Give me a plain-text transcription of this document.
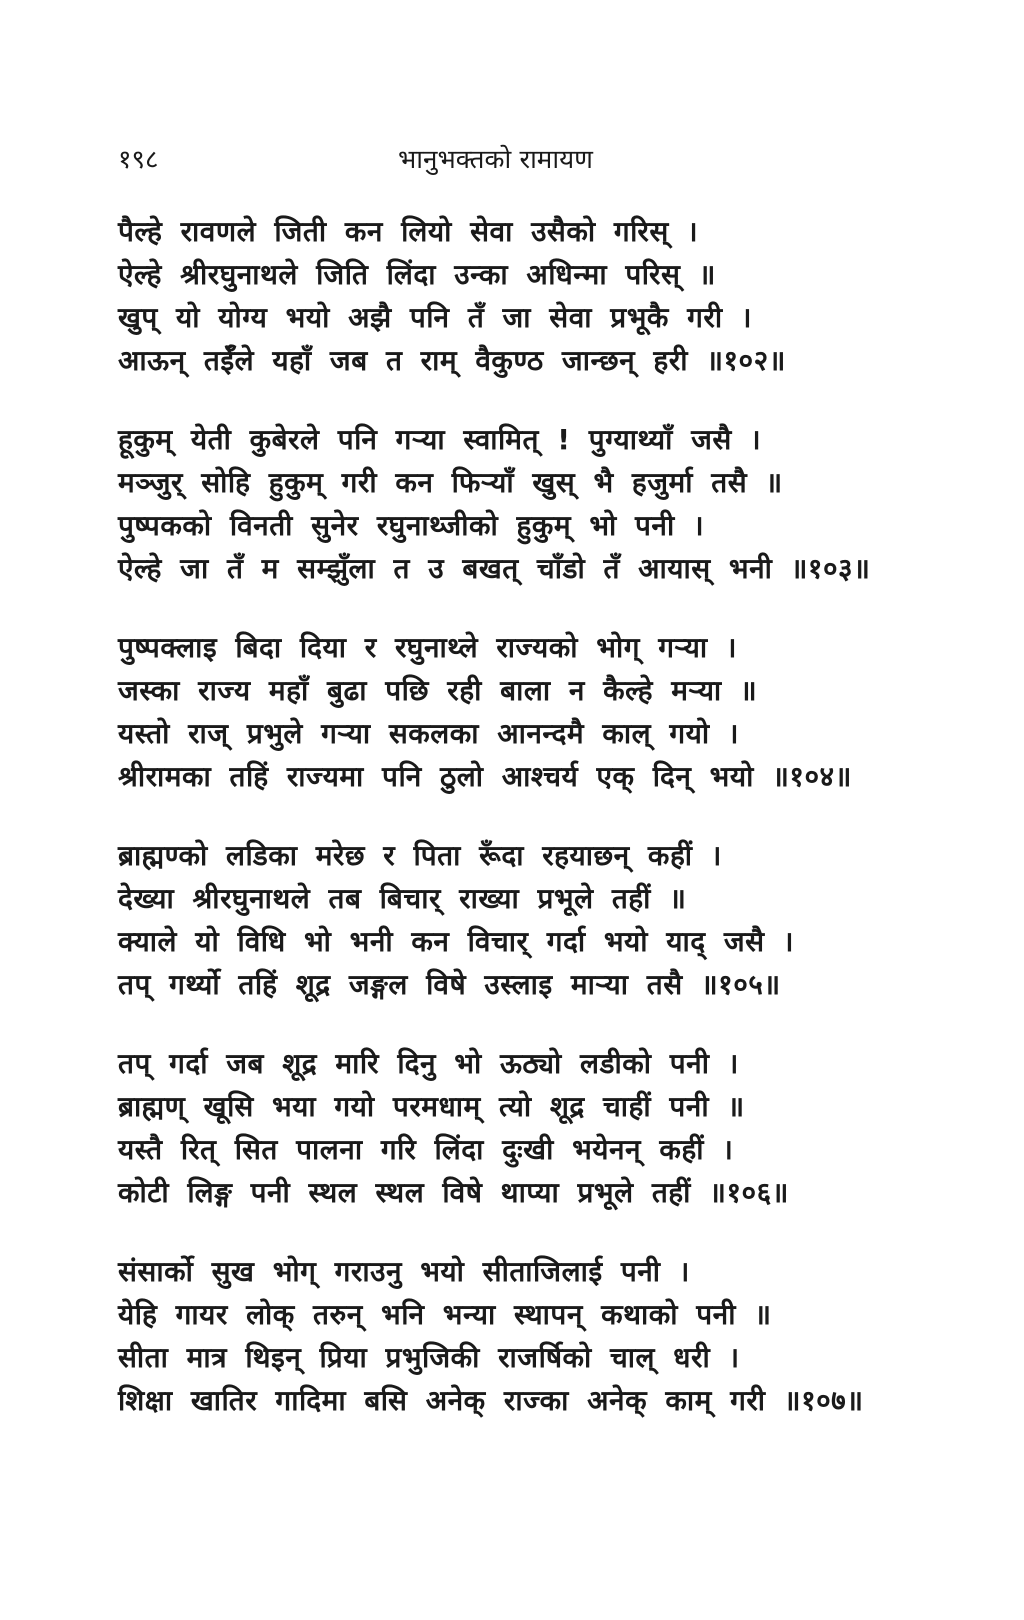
१९८	भानुभक्तको रामायण
पैल्हे रावणले जिती कन लियो सेवा उसैको गरिस् ।
ऐल्हे श्रीरघुनाथले जिति लिंदा उन्का अधिन्मा परिस् ॥
खुप् यो योग्य भयो अझै पनि तँ जा सेवा प्रभूकै गरी ।
आऊन् तईँले यहाँ जब त राम् वैकुण्ठ जान्छन् हरी ॥१०२॥
हूकुम् येती कुबेरले पनि गऱ्या स्वामित् ! पुग्याथ्याँ जसै ।
मञ्जुर् सोहि हुकुम् गरी कन फिऱ्याँ खुस् भै हजुर्मा तसै ॥
पुष्पकको विनती सुनेर रघुनाथ्जीको हुकुम् भो पनी ।
ऐल्हे जा तँ म सम्झुँला त उ बखत् चाँडो तँ आयास् भनी ॥१०३॥
पुष्पक्लाइ बिदा दिया र रघुनाथ्ले राज्यको भोग् गऱ्या ।
जस्का राज्य महाँ बुढा पछि रही बाला न कैल्हे मऱ्या ॥
यस्तो राज् प्रभुले गऱ्या सकलका आनन्दमै काल् गयो ।
श्रीरामका तहिं राज्यमा पनि ठुलो आश्चर्य एक् दिन् भयो ॥१०४॥
ब्राह्मण्को लडिका मरेछ र पिता रूँदा रहयाछन् कहीं ।
देख्या श्रीरघुनाथले तब बिचार् राख्या प्रभूले तहीं ॥
क्याले यो विधि भो भनी कन विचार् गर्दा भयो याद् जसै ।
तप् गर्थ्यो तहिं शूद्र जङ्गल विषे उस्लाइ माऱ्या तसै ॥१०५॥
तप् गर्दा जब शूद्र मारि दिनु भो ऊठ्यो लडीको पनी ।
ब्राह्मण् खूसि भया गयो परमधाम् त्यो शूद्र चाहीं पनी ॥
यस्तै रित् सित पालना गरि लिंदा दुःखी भयेनन् कहीं ।
कोटी लिङ्ग पनी स्थल स्थल विषे थाप्या प्रभूले तहीं ॥१०६॥
संसार्को सुख भोग् गराउनु भयो सीताजिलाई पनी ।
येहि गायर लोक् तरुन् भनि भन्या स्थापन् कथाको पनी ॥
सीता मात्र थिइन् प्रिया प्रभुजिकी राजर्षिको चाल् धरी ।
शिक्षा खातिर गादिमा बसि अनेक् राज्का अनेक् काम् गरी ॥१०७॥
